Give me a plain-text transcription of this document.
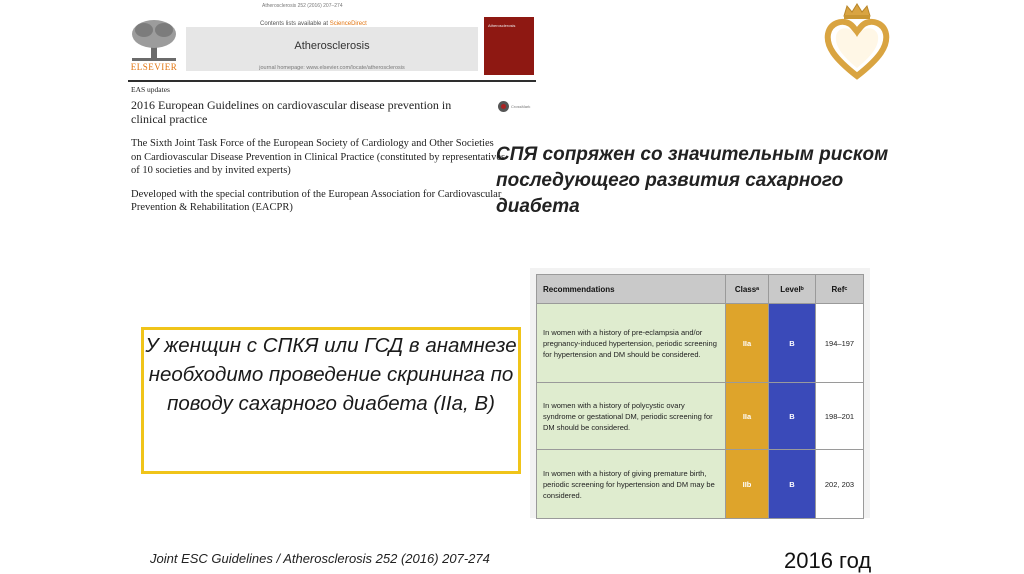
ELSEVIER
Atherosclerosis 252 (2016) 207–274
Contents lists available at ScienceDirect
Atherosclerosis
journal homepage: www.elsevier.com/locate/atherosclerosis
Atherosclerosis
EAS updates
2016 European Guidelines on cardiovascular disease prevention in clinical practice
The Sixth Joint Task Force of the European Society of Cardiology and Other Societies on Cardiovascular Disease Prevention in Clinical Practice (constituted by representatives of 10 societies and by invited experts)
Developed with the special contribution of the European Association for Cardiovascular Prevention & Rehabilitation (EACPR)
CrossMark
СПЯ сопряжен со значительным риском последующего развития сахарного диабета
У женщин с СПКЯ или ГСД в анамнезе необходимо проведение скрининга по поводу сахарного диабета (IIa, B)
Recommendations	Classᵃ	Levelᵇ	Refᶜ
In women with a history of pre-eclampsia and/or pregnancy-induced hypertension, periodic screening for hypertension and DM should be considered.	IIa	B	194–197
In women with a history of polycystic ovary syndrome or gestational DM, periodic screening for DM should be considered.	IIa	B	198–201
In women with a history of giving premature birth, periodic screening for hypertension and DM may be considered.	IIb	B	202, 203
Joint ESC Guidelines / Atherosclerosis 252 (2016) 207-274	2016 год
